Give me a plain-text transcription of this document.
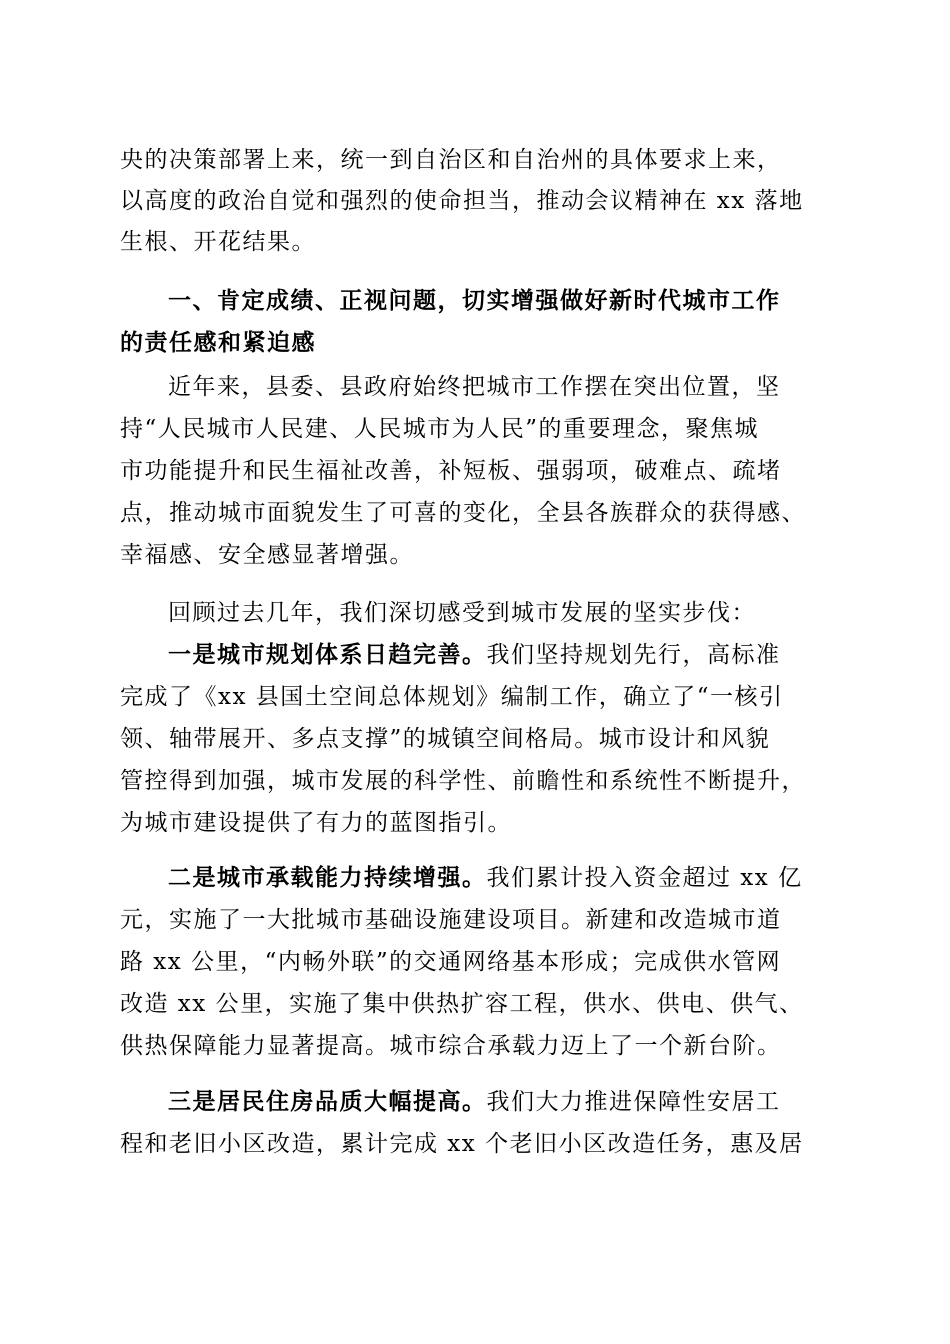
央的决策部署上来，统一到自治区和自治州的具体要求上来，
以高度的政治自觉和强烈的使命担当，推动会议精神在 xx 落地
生根、开花结果。
一、肯定成绩、正视问题，切实增强做好新时代城市工作
的责任感和紧迫感
近年来，县委、县政府始终把城市工作摆在突出位置，坚
持“人民城市人民建、人民城市为人民”的重要理念，聚焦城
市功能提升和民生福祉改善，补短板、强弱项，破难点、疏堵
点，推动城市面貌发生了可喜的变化，全县各族群众的获得感、
幸福感、安全感显著增强。
回顾过去几年，我们深切感受到城市发展的坚实步伐：
一是城市规划体系日趋完善。我们坚持规划先行，高标准
完成了《xx 县国土空间总体规划》编制工作，确立了“一核引
领、轴带展开、多点支撑”的城镇空间格局。城市设计和风貌
管控得到加强，城市发展的科学性、前瞻性和系统性不断提升，
为城市建设提供了有力的蓝图指引。
二是城市承载能力持续增强。我们累计投入资金超过 xx 亿
元，实施了一大批城市基础设施建设项目。新建和改造城市道
路 xx 公里，“内畅外联”的交通网络基本形成；完成供水管网
改造 xx 公里，实施了集中供热扩容工程，供水、供电、供气、
供热保障能力显著提高。城市综合承载力迈上了一个新台阶。
三是居民住房品质大幅提高。我们大力推进保障性安居工
程和老旧小区改造，累计完成 xx 个老旧小区改造任务，惠及居
